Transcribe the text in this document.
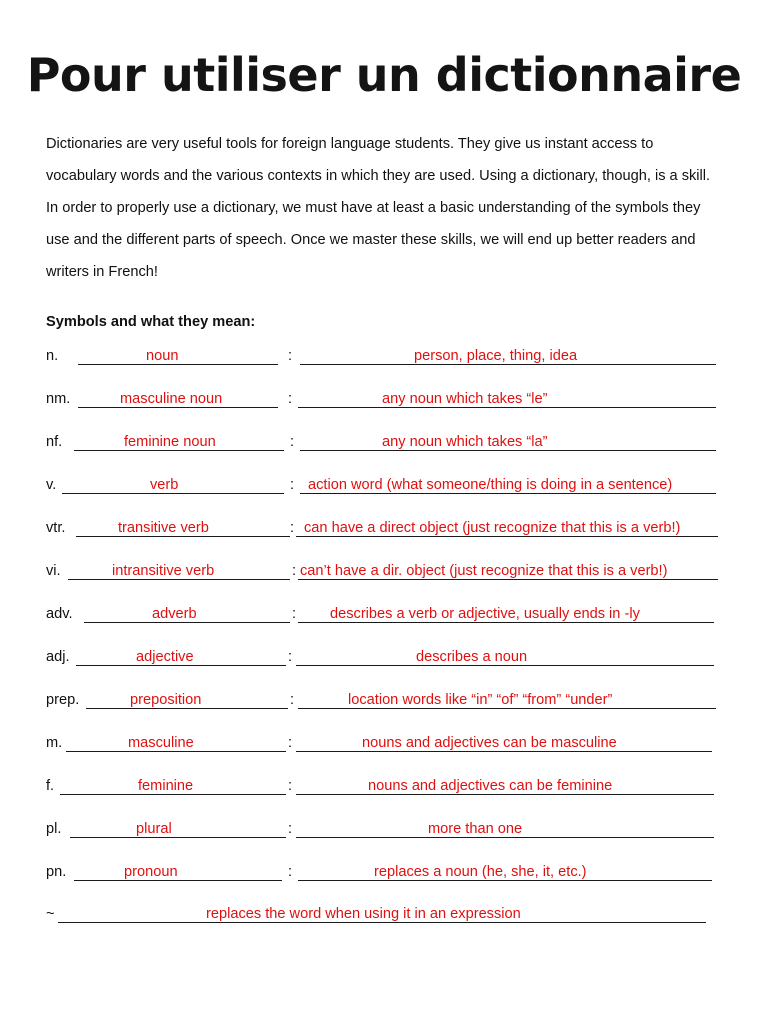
Pour utiliser un dictionnaire

Dictionaries are very useful tools for foreign language students. They give us instant access to vocabulary words and the various contexts in which they are used. Using a dictionary, though, is a skill. In order to properly use a dictionary, we must have at least a basic understanding of the symbols they use and the different parts of speech. Once we master these skills, we will end up better readers and writers in French!

Symbols and what they mean:

n.	noun	:	person, place, thing, idea
nm.	masculine noun	:	any noun which takes “le”
nf.	feminine noun	:	any noun which takes “la”
v.	verb	: action word (what someone/thing is doing in a sentence)
vtr.	transitive verb	: can have a direct object (just recognize that this is a verb!)
vi.	intransitive verb	: can’t have a dir. object (just recognize that this is a verb!)
adv.	adverb	: describes a verb or adjective, usually ends in -ly
adj.	adjective	:	describes a noun
prep.	preposition	:	location words like “in” “of” “from” “under”
m.	masculine	:	nouns and adjectives can be masculine
f.	feminine	:	nouns and adjectives can be feminine
pl.	plural	:	more than one
pn.	pronoun	:	replaces a noun (he, she, it, etc.)
~	replaces the word when using it in an expression
